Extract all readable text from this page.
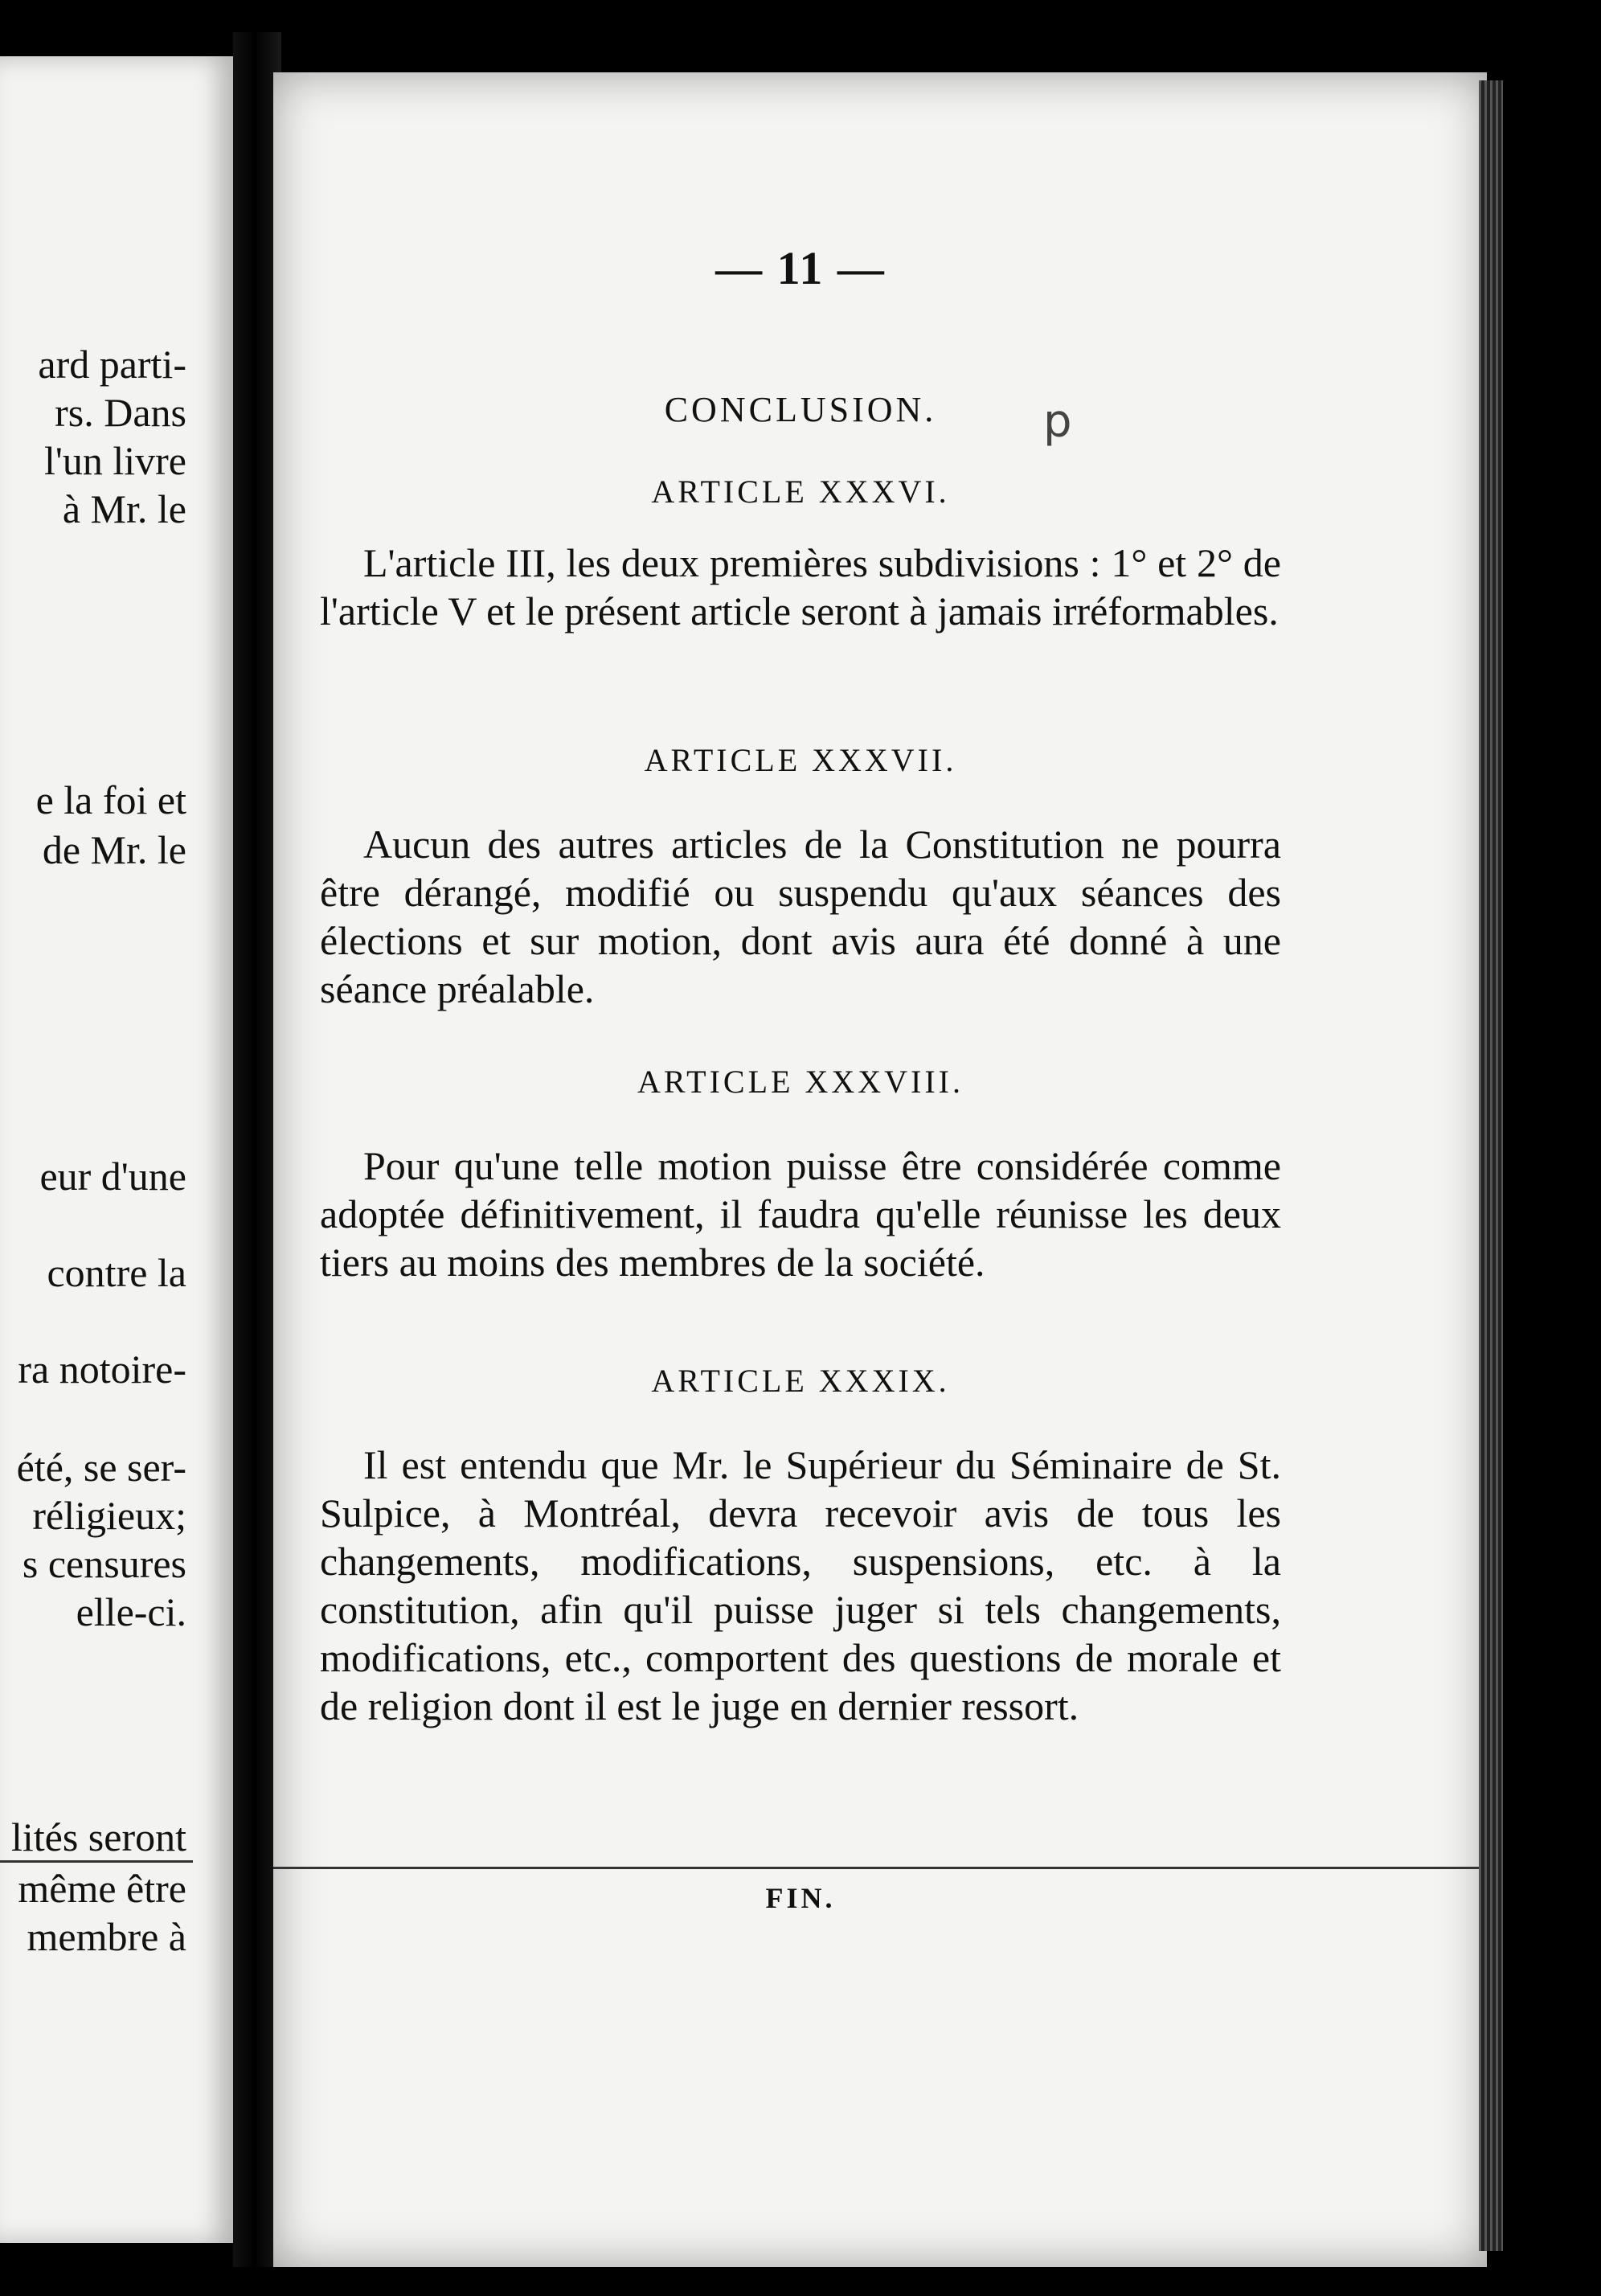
ard parti-
rs. Dans
l'un livre
à Mr. le
e la foi et
de Mr. le
eur d'une
contre la
ra notoire-
été, se ser-
réligieux;
s censures
elle-ci.
lités seront
même être
membre à
— 11 —
CONCLUSION.	p
ARTICLE XXXVI.
L'article III, les deux premières subdivisions : 1° et 2° de l'article V et le présent article seront à jamais irréformables.
ARTICLE XXXVII.
Aucun des autres articles de la Constitution ne pourra être dérangé, modifié ou suspendu qu'aux séances des élections et sur motion, dont avis aura été donné à une séance préalable.
ARTICLE XXXVIII.
Pour qu'une telle motion puisse être considérée comme adoptée définitivement, il faudra qu'elle réunisse les deux tiers au moins des membres de la société.
ARTICLE XXXIX.
Il est entendu que Mr. le Supérieur du Séminaire de St. Sulpice, à Montréal, devra recevoir avis de tous les changements, modifications, suspensions, etc. à la constitution, afin qu'il puisse juger si tels changements, modifications, etc., comportent des questions de morale et de religion dont il est le juge en dernier ressort.
FIN.
